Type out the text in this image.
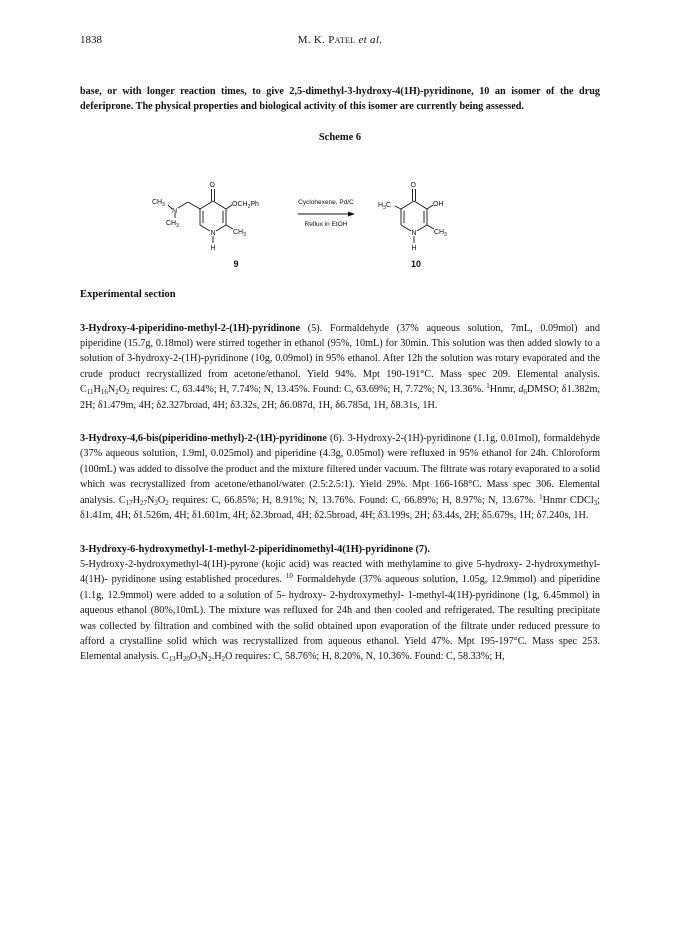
1838	M. K. Patel et al.

base, or with longer reaction times, to give 2,5-dimethyl-3-hydroxy-4(1H)-pyridinone, 10 an isomer of the drug deferiprone. The physical properties and biological activity of this isomer are currently being assessed.

Scheme 6
O
$CH_3$
N
$CH_3$
$OCH_2Ph$
N $CH_3$
H
Cyclohexene, Pd/C
Reflux in EtOH
O
$H_3C$	OH
N $CH_3$
H
9	10
Experimental section

3-Hydroxy-4-piperidino-methyl-2-(1H)-pyridinone (5). Formaldehyde (37% aqueous solution, 7mL, 0.09mol) and piperidine (15.7g, 0.18mol) were stirred together in ethanol (95%, 10mL) for 30min. This solution was then added slowly to a solution of 3-hydroxy-2-(1H)-pyridinone (10g, 0.09mol) in 95% ethanol. After 12h the solution was rotary evaporated and the crude product recrystallized from acetone/ethanol. Yield 94%. Mpt 190-191°C. Mass spec 209. Elemental analysis. $C_{11}H_{16}N_2O_2$ requires: C, 63.44%; H, 7.74%; N, 13.45%. Found: C, 63.69%; H, 7.72%; N, 13.36%. $^1$Hnmr, $d_6DMSO$; δ1.382m, 2H; δ1.479m, 4H; δ2.327broad, 4H; δ3.32s, 2H; δ6.087d, 1H, δ6.785d, 1H, δ8.31s, 1H.

3-Hydroxy-4,6-bis(piperidino-methyl)-2-(1H)-pyridinone (6). 3-Hydroxy-2-(1H)-pyridinone (1.1g, 0.01mol), formaldehyde (37% aqueous solution, 1.9ml, 0.025mol) and piperidine (4.3g, 0.05mol) were refluxed in 95% ethanol for 24h. Chloroform (100mL) was added to dissolve the product and the mixture filtered under vacuum. The filtrate was rotary evaporated to a solid which was recrystallized from acetone/ethanol/water (2.5:2.5:1). Yield 29%. Mpt 166-168°C. Mass spec 306. Elemental analysis. $C_{17}H_{27}N_3O_2$ requires: C, 66.85%; H, 8.91%; N, 13.76%. Found: C, 66.89%; H, 8.97%; N, 13.67%. $^1$Hnmr CDCl$_3$; δ1.41m, 4H; δ1.526m, 4H; δ1.601m, 4H; δ2.3broad, 4H; δ2.5broad, 4H; δ3.199s, 2H; δ3.44s, 2H; δ5.679s, 1H; δ7.240s, 1H.

3-Hydroxy-6-hydroxymethyl-1-methyl-2-piperidinomethyl-4(1H)-pyridinone (7).

5-Hydroxy-2-hydroxymethyl-4(1H)-pyrone (kojic acid) was reacted with methylamine to give 5-hydroxy- 2-hydroxymethyl- 4(1H)- pyridinone using established procedures. $^{10}$ Formaldehyde (37% aqueous solution, 1.05g, 12.9mmol) and piperidine (1.1g, 12.9mmol) were added to a solution of 5- hydroxy- 2-hydroxymethyl- 1-methyl-4(1H)-pyridinone (1g, 6.45mmol) in aqueous ethanol (80%,10mL). The mixture was refluxed for 24h and then cooled and refrigerated. The resulting precipitate was collected by filtration and combined with the solid obtained upon evaporation of the filtrate under reduced pressure to afford a crystalline solid which was recrystallized from aqueous ethanol. Yield 47%. Mpt 195-197°C. Mass spec 253. Elemental analysis. $C_{13}H_{20}O_3N_2.H_2O$ requires: C, 58.76%; H, 8.20%, N, 10.36%. Found: C, 58.33%; H,
